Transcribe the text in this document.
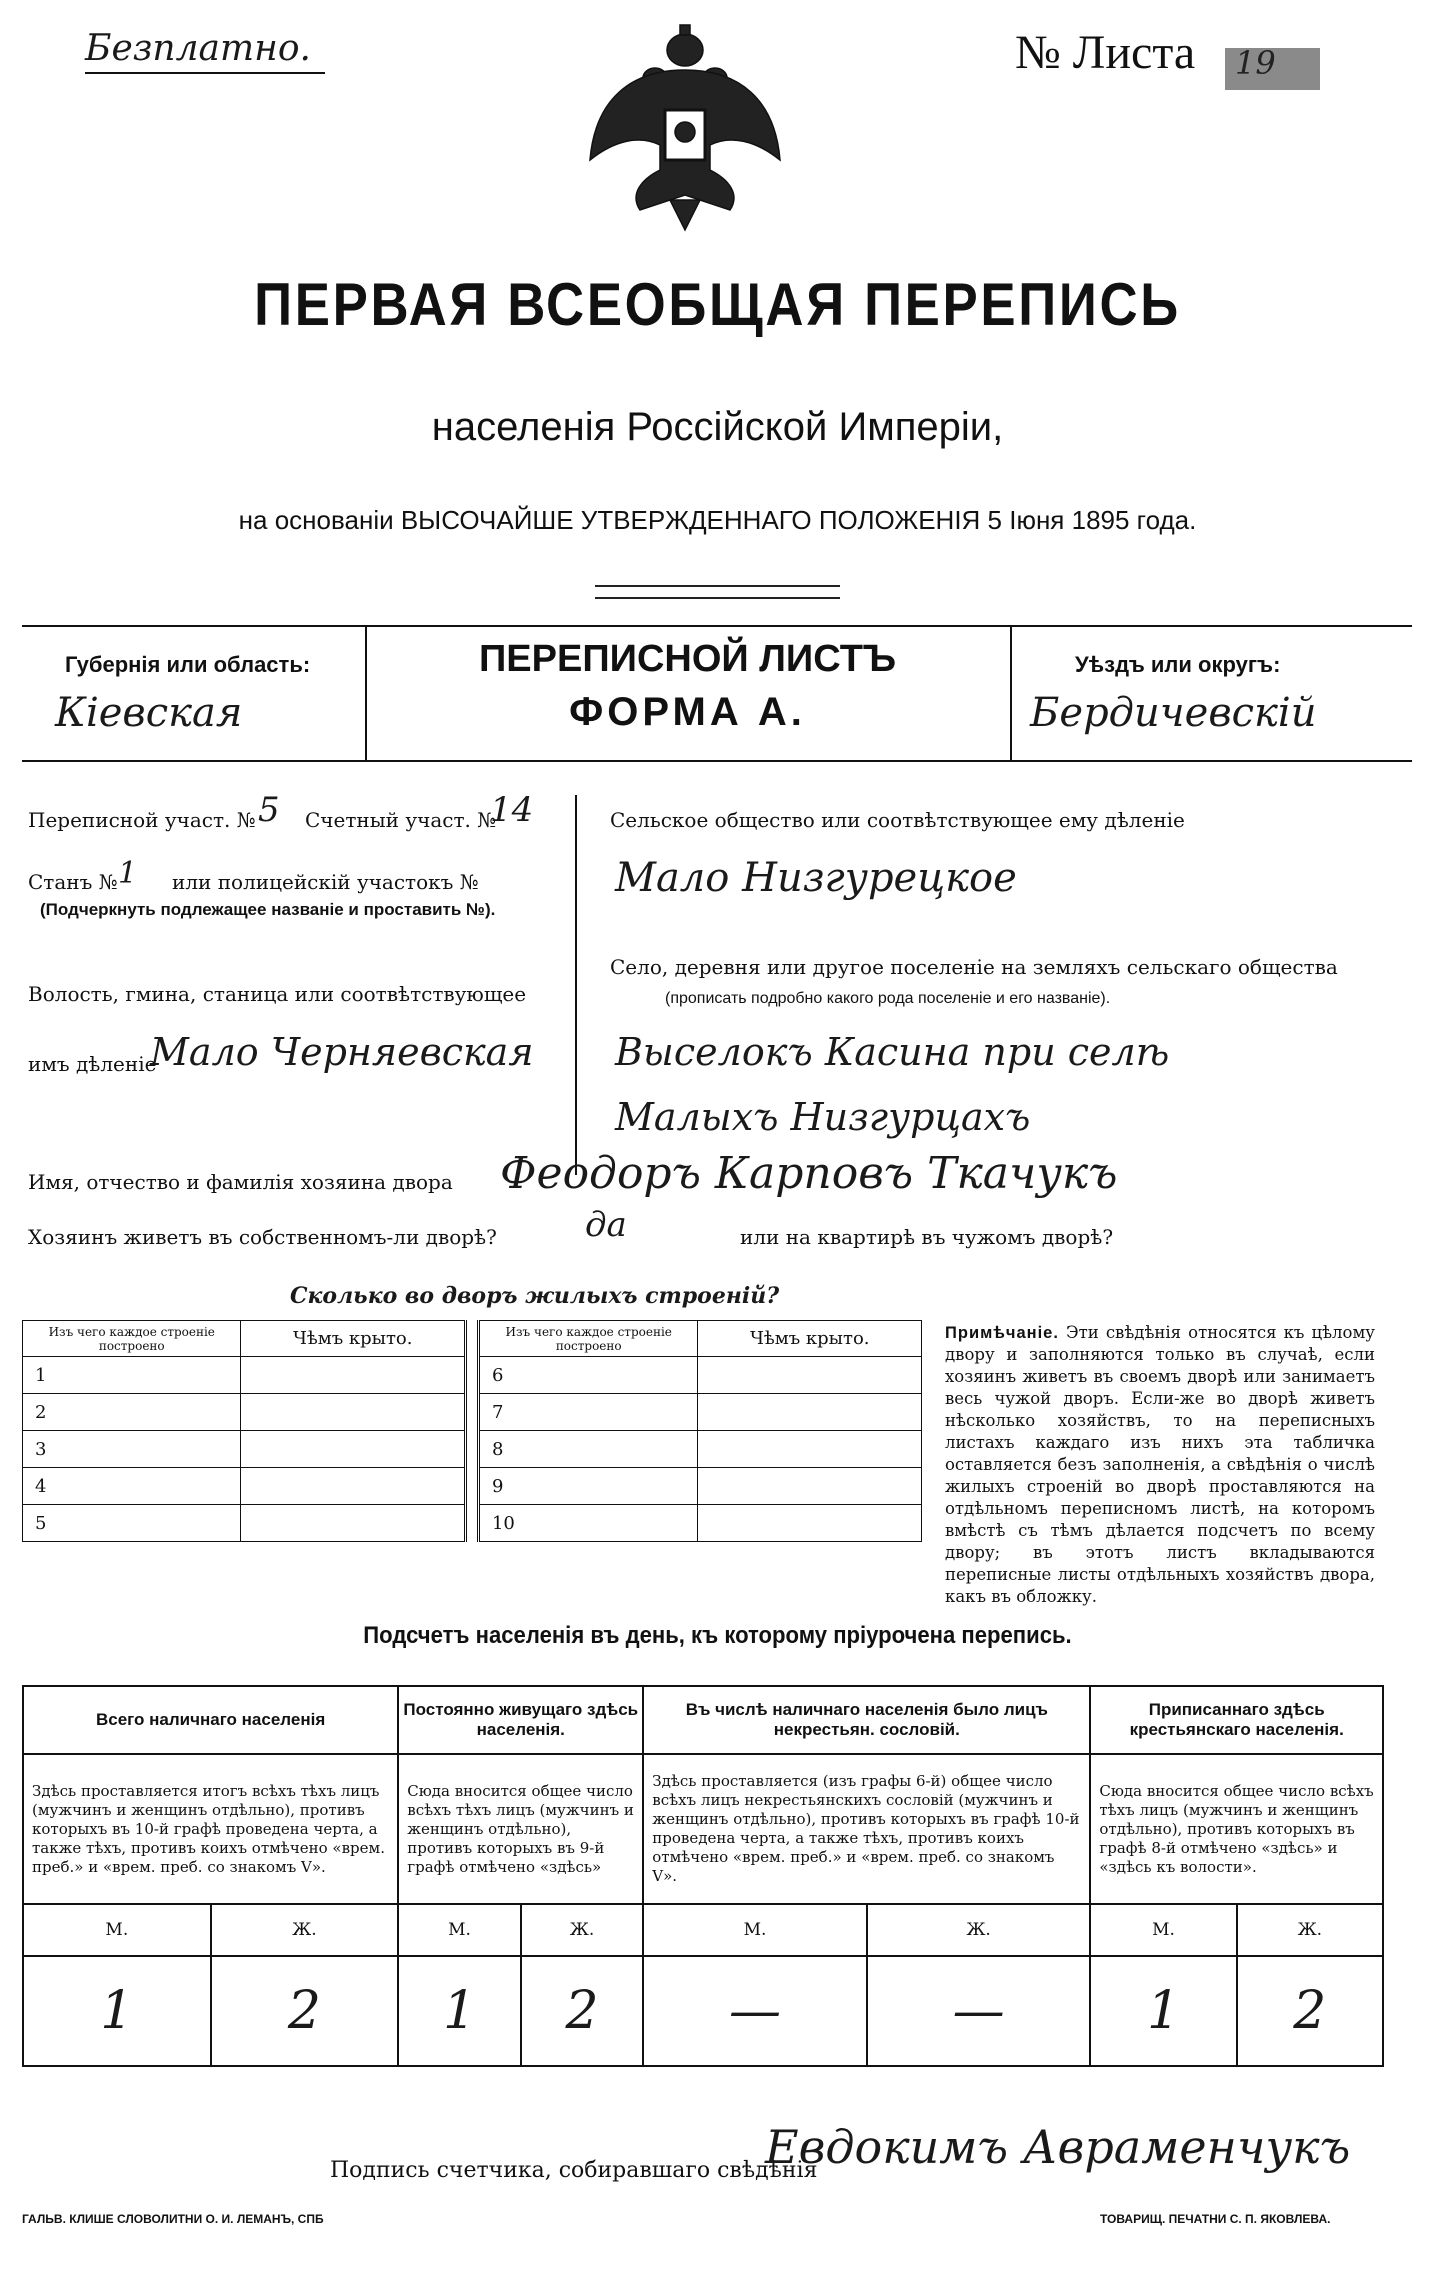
Безплатно.	№ Листа 19
ПЕРВАЯ ВСЕОБЩАЯ ПЕРЕПИСЬ
населенія Россійской Имперіи,
на основаніи ВЫСОЧАЙШЕ УТВЕРЖДЕННАГО ПОЛОЖЕНІЯ 5 Іюня 1895 года.
Губернія или область:
Кіевская
ПЕРЕПИСНОЙ ЛИСТЪ
ФОРМА А.
Уѣздъ или округъ:
Бердичевскій
Переписной участ. № 5 Счетный участ. №
14
Станъ № 1 или полицейскій участокъ №
(Подчеркнуть подлежащее названіе и проставить №).
Волость, гмина, станица или соотвѣтствующее
имъ дѣленіе
Мало Черняевская
Сельское общество или соотвѣтствующее ему дѣленіе
Мало Низгурецкое
Село, деревня или другое поселеніе на земляхъ сельскаго общества
(прописать подробно какого рода поселеніе и его названіе).
Выселокъ Касина при селѣ
Малыхъ Низгурцахъ
Имя, отчество и фамилія хозяина двора Феодоръ Карповъ Ткачукъ
Хозяинъ живетъ въ собственномъ-ли дворѣ?	да	или на квартирѣ въ чужомъ дворѣ?
Сколько во дворъ жилыхъ строеній?
Изъ чего каждое строеніе построено	Чѣмъ крыто.		Изъ чего каждое строеніе построено	Чѣмъ крыто.
1			6	
2			7	
3			8	
4			9	
5			10	
Примѣчаніе. Эти свѣдѣнія относятся къ цѣлому двору и заполняются только въ случаѣ, если хозяинъ живетъ въ своемъ дворѣ или занимаетъ весь чужой дворъ. Если-же во дворѣ живетъ нѣсколько хозяйствъ, то на переписныхъ листахъ каждаго изъ нихъ эта табличка оставляется безъ заполненія, а свѣдѣнія о числѣ жилыхъ строеній во дворѣ проставляются на отдѣльномъ переписномъ листѣ, на которомъ вмѣстѣ съ тѣмъ дѣлается подсчетъ по всему двору; въ этотъ листъ вкладываются переписные листы отдѣльныхъ хозяйствъ двора, какъ въ обложку.
Подсчетъ населенія въ день, къ которому пріурочена перепись.
Всего наличнаго населенія		Постоянно живущаго здѣсь населенія.		Въ числѣ наличнаго населенія было лицъ некрестьян. сословій.		Приписаннаго здѣсь крестьянскаго населенія.	
Здѣсь проставляется итогъ всѣхъ тѣхъ лицъ (мужчинъ и женщинъ отдѣльно), противъ которыхъ въ 10-й графѣ проведена черта, а также тѣхъ, противъ коихъ отмѣчено «врем. преб.» и «врем. преб. со знакомъ V».		Сюда вносится общее число всѣхъ тѣхъ лицъ (мужчинъ и женщинъ отдѣльно), противъ которыхъ въ 9-й графѣ отмѣчено «здѣсь»		Здѣсь проставляется (изъ графы 6-й) общее число всѣхъ лицъ некрестьянскихъ сословій (мужчинъ и женщинъ отдѣльно), противъ которыхъ въ графѣ 10-й проведена черта, а также тѣхъ, противъ коихъ отмѣчено «врем. преб.» и «врем. преб. со знакомъ V».		Сюда вносится общее число всѣхъ тѣхъ лицъ (мужчинъ и женщинъ отдѣльно), противъ которыхъ въ графѣ 8-й отмѣчено «здѣсь» и «здѣсь къ волости».	
М.	Ж.	М.	Ж.	М.	Ж.	М.	Ж.
1	2	1	2	—	—	1	2
Подпись счетчика, собиравшаго свѣдѣнія
Евдокимъ Авраменчукъ
ГАЛЬВ. КЛИШЕ СЛОВОЛИТНИ О. И. ЛЕМАНЪ, СПБ	ТОВАРИЩ. ПЕЧАТНИ С. П. ЯКОВЛЕВА.
